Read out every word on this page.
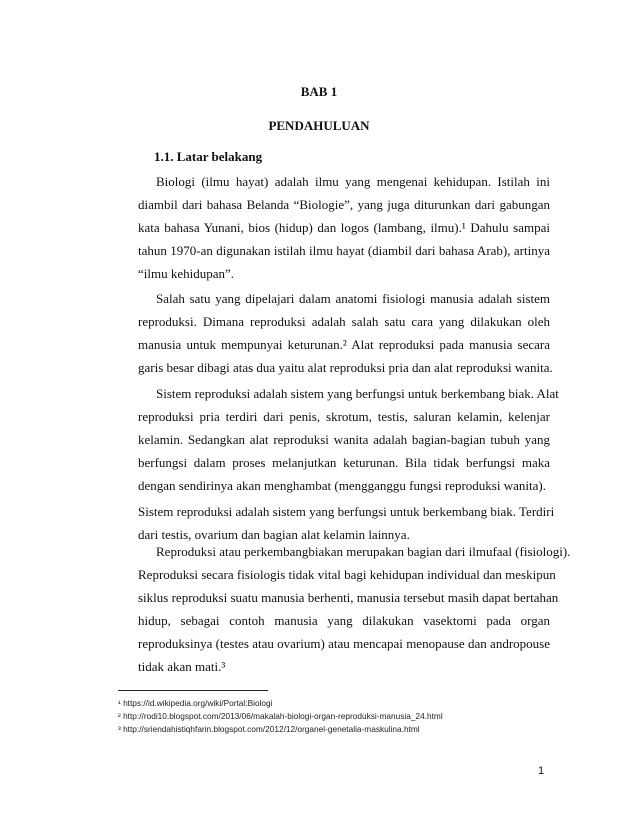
BAB 1
PENDAHULUAN
1.1. Latar belakang
Biologi (ilmu hayat) adalah ilmu yang mengenai kehidupan. Istilah ini
diambil dari bahasa Belanda “Biologie”, yang juga diturunkan dari gabungan
kata bahasa Yunani, bios (hidup) dan logos (lambang, ilmu).¹ Dahulu sampai
tahun 1970-an digunakan istilah ilmu hayat (diambil dari bahasa Arab), artinya
“ilmu kehidupan”.
Salah satu yang dipelajari dalam anatomi fisiologi manusia adalah sistem
reproduksi. Dimana reproduksi adalah salah satu cara yang dilakukan oleh
manusia untuk mempunyai keturunan.² Alat reproduksi pada manusia secara
garis besar dibagi atas dua yaitu alat reproduksi pria dan alat reproduksi wanita.
Sistem reproduksi adalah sistem yang berfungsi untuk berkembang biak. Alat
reproduksi pria terdiri dari penis, skrotum, testis, saluran kelamin, kelenjar
kelamin. Sedangkan alat reproduksi wanita adalah bagian-bagian tubuh yang
berfungsi dalam proses melanjutkan keturunan. Bila tidak berfungsi maka
dengan sendirinya akan menghambat (mengganggu fungsi reproduksi wanita).
Sistem reproduksi adalah sistem yang berfungsi untuk berkembang biak. Terdiri
dari testis, ovarium dan bagian alat kelamin lainnya.
Reproduksi atau perkembangbiakan merupakan bagian dari ilmufaal (fisiologi).
Reproduksi secara fisiologis tidak vital bagi kehidupan individual dan meskipun
siklus reproduksi suatu manusia berhenti, manusia tersebut masih dapat bertahan
hidup, sebagai contoh manusia yang dilakukan vasektomi pada organ
reproduksinya (testes atau ovarium) atau mencapai menopause dan andropouse
tidak akan mati.³
¹ https://id.wikipedia.org/wiki/Portal:Biologi
² http://rodi10.blogspot.com/2013/06/makalah-biologi-organ-reproduksi-manusia_24.html
³ http://sriendahistiqhfarin.blogspot.com/2012/12/organel-genetalia-maskulina.html
1
